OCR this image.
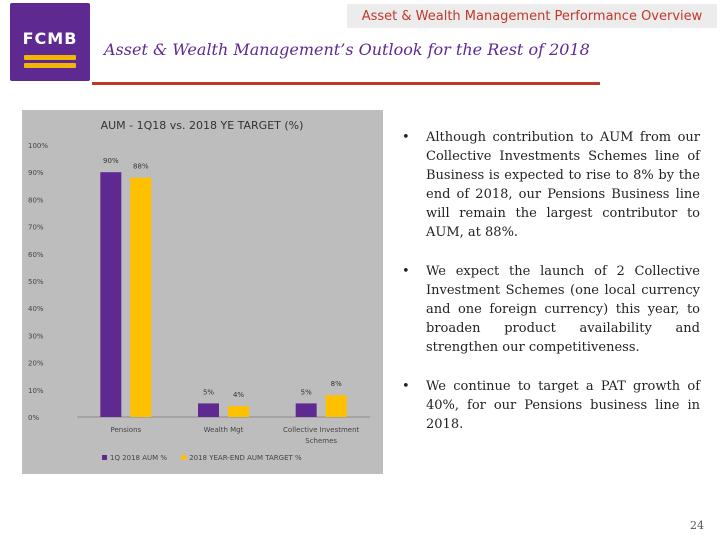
Asset & Wealth Management Performance Overview
FCMB
Asset & Wealth Management’s Outlook for the Rest of 2018
AUM - 1Q18 vs. 2018 YE TARGET (%)
0%
10%
20%
30%
40%
50%
60%
70%
80%
90%
100%
90%
88%
Pensions
5%	4%
Wealth Mgt
5%
8%
Collective Investment
Schemes
1Q 2018 AUM %	2018 YEAR-END AUM TARGET %
• Although contribution to AUM from our Collective Investments Schemes line of Business is expected to rise to 8% by the end of 2018, our Pensions Business line will remain the largest contributor to AUM, at 88%.
• We expect the launch of 2 Collective Investment Schemes (one local currency and one foreign currency) this year, to broaden product availability and strengthen our competitiveness.
• We continue to target a PAT growth of 40%, for our Pensions business line in 2018.
24
